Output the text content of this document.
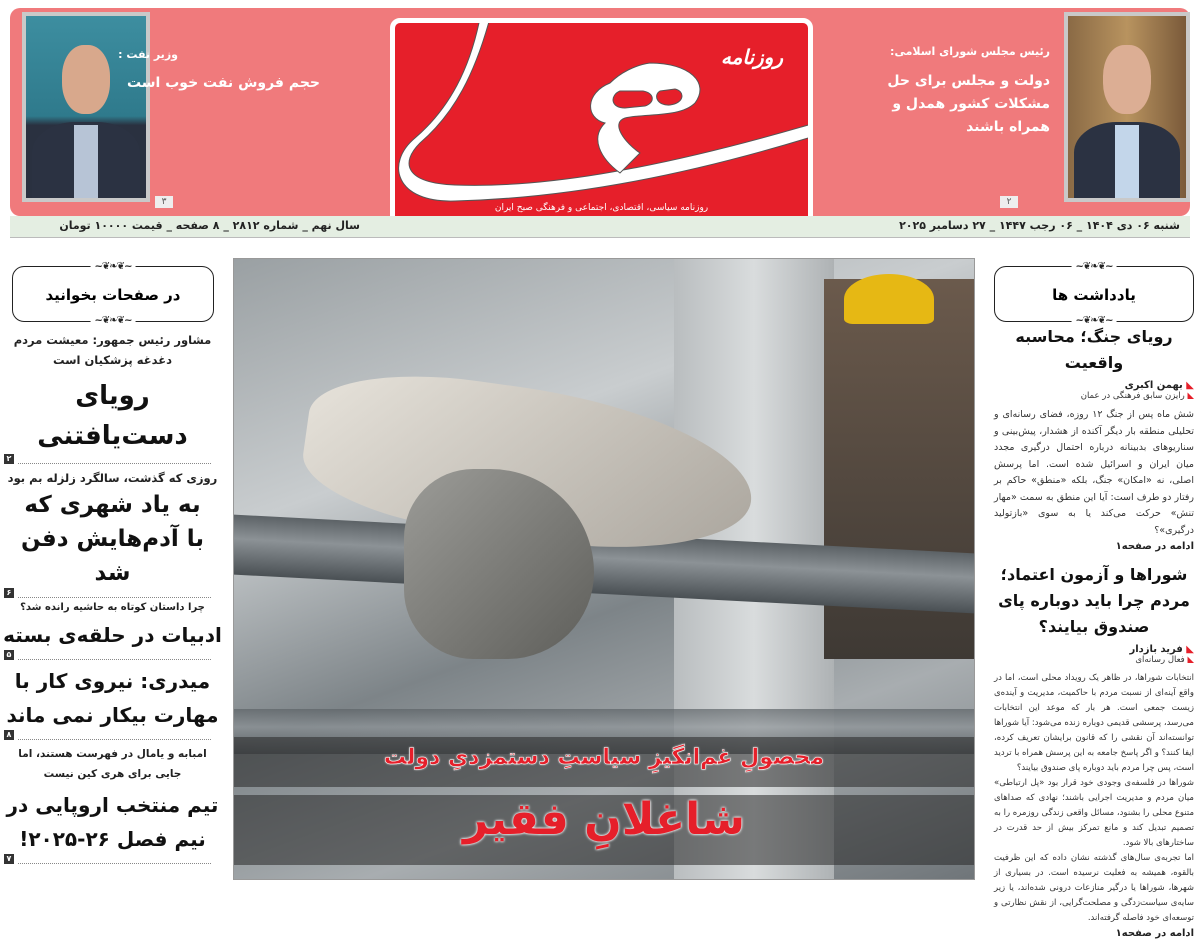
وزیر نفت :
حجم فروش نفت خوب است
۳
رئیس مجلس شورای اسلامی:
دولت و مجلس برای حل مشکلات کشور همدل و همراه باشند
۲
روزنامه
روزنامه سیاسی، اقتصادی، اجتماعی و فرهنگی صبح ایران
شنبه ۰۶ دی ۱۴۰۴ _ ۰۶ رجب ۱۴۴۷ _ ۲۷ دسامبر ۲۰۲۵
سال نهم _ شماره ۲۸۱۲ _ ۸ صفحه _ قیمت ۱۰۰۰۰ تومان
~❦❧❦~
در صفحات بخوانید
~❦❧❦~
مشاور رئیس جمهور: معیشت مردم دغدغه پزشکیان است
رویای دست‌یافتنی
۲
روزی که گذشت، سالگرد زلزله بم بود
به یاد شهری که با آدم‌هایش دفن شد
۶
چرا داستان کوتاه به حاشیه رانده شد؟
ادبیات در حلقه‌ی بسته
۵
میدری: نیروی کار با مهارت بیکار نمی ماند
۸
امبابه و یامال در فهرست هستند، اما جایی برای هری کین نیست
تیم منتخب اروپایی در نیم فصل ۲۶-۲۰۲۵!
۷
محصولِ غم‌انگیزِ سیاستِ دستمزدیِ دولت
شاغلانِ فقیر
~❦❧❦~
یادداشت ها
~❦❧❦~
رویای جنگ؛ محاسبه واقعیت
◣ بهمن اکبری
◣ رایزن سابق فرهنگی در عمان
شش ماه پس از جنگ ۱۲ روزه، فضای رسانه‌ای و تحلیلی منطقه بار دیگر آکنده از هشدار، پیش‌بینی و سناریوهای بدبینانه درباره احتمال درگیری مجدد میان ایران و اسرائیل شده است. اما پرسش اصلی، نه «امکان» جنگ، بلکه «منطق» حاکم بر رفتار دو طرف است: آیا این منطق به سمت «مهار تنش» حرکت می‌کند یا به سوی «بازتولید درگیری»؟
ادامه در صفحه۱
شوراها و آزمون اعتماد؛ مردم چرا باید دوباره پای صندوق بیایند؟
◣ فرید بازدار
◣ فعال رسانه‌ای
انتخابات شوراها، در ظاهر یک رویداد محلی است، اما در واقع آینه‌ای از نسبت مردم با حاکمیت، مدیریت و آینده‌ی زیست جمعی است. هر بار که موعد این انتخابات می‌رسد، پرسشی قدیمی دوباره زنده می‌شود: آیا شوراها توانسته‌اند آن نقشی را که قانون برایشان تعریف کرده، ایفا کنند؟ و اگر پاسخ جامعه به این پرسش همراه با تردید است، پس چرا مردم باید دوباره پای صندوق بیایند؟
شوراها در فلسفه‌ی وجودی خود قرار بود «پل ارتباطی» میان مردم و مدیریت اجرایی باشند؛ نهادی که صداهای متنوع محلی را بشنود، مسائل واقعی زندگی روزمره را به تصمیم تبدیل کند و مانع تمرکز بیش از حد قدرت در ساختارهای بالا شود.
اما تجربه‌ی سال‌های گذشته نشان داده که این ظرفیت بالقوه، همیشه به فعلیت نرسیده است. در بسیاری از شهرها، شوراها یا درگیر منازعات درونی شده‌اند، یا زیر سایه‌ی سیاست‌زدگی و مصلحت‌گرایی، از نقش نظارتی و توسعه‌ای خود فاصله گرفته‌اند.
ادامه در صفحه۱
